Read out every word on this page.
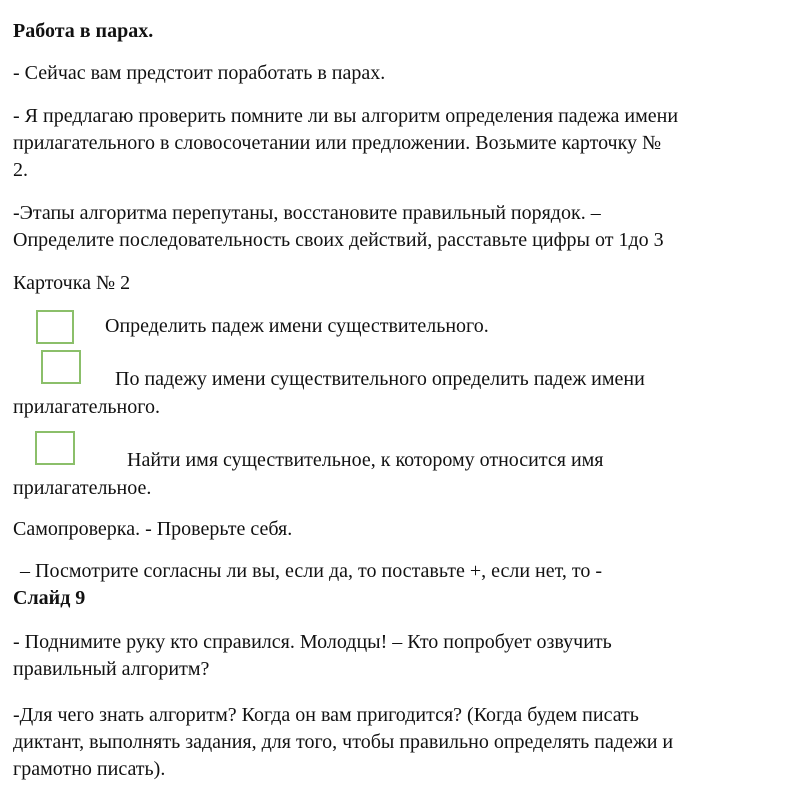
Работа в парах.
- Сейчас вам предстоит поработать в парах.
- Я предлагаю проверить помните ли вы алгоритм определения падежа имени
прилагательного в словосочетании или предложении. Возьмите карточку №
2.
-Этапы алгоритма перепутаны, восстановите правильный порядок. –
Определите последовательность своих действий, расставьте цифры от 1до 3
Карточка № 2
Определить падеж имени существительного.
По падежу имени существительного определить падеж имени
прилагательного.
Найти имя существительное, к которому относится имя
прилагательное.
Самопроверка. - Проверьте себя.
– Посмотрите согласны ли вы, если да, то поставьте +, если нет, то -
Слайд 9
- Поднимите руку кто справился. Молодцы! – Кто попробует озвучить
правильный алгоритм?
-Для чего знать алгоритм? Когда он вам пригодится? (Когда будем писать
диктант, выполнять задания, для того, чтобы правильно определять падежи и
грамотно писать).
